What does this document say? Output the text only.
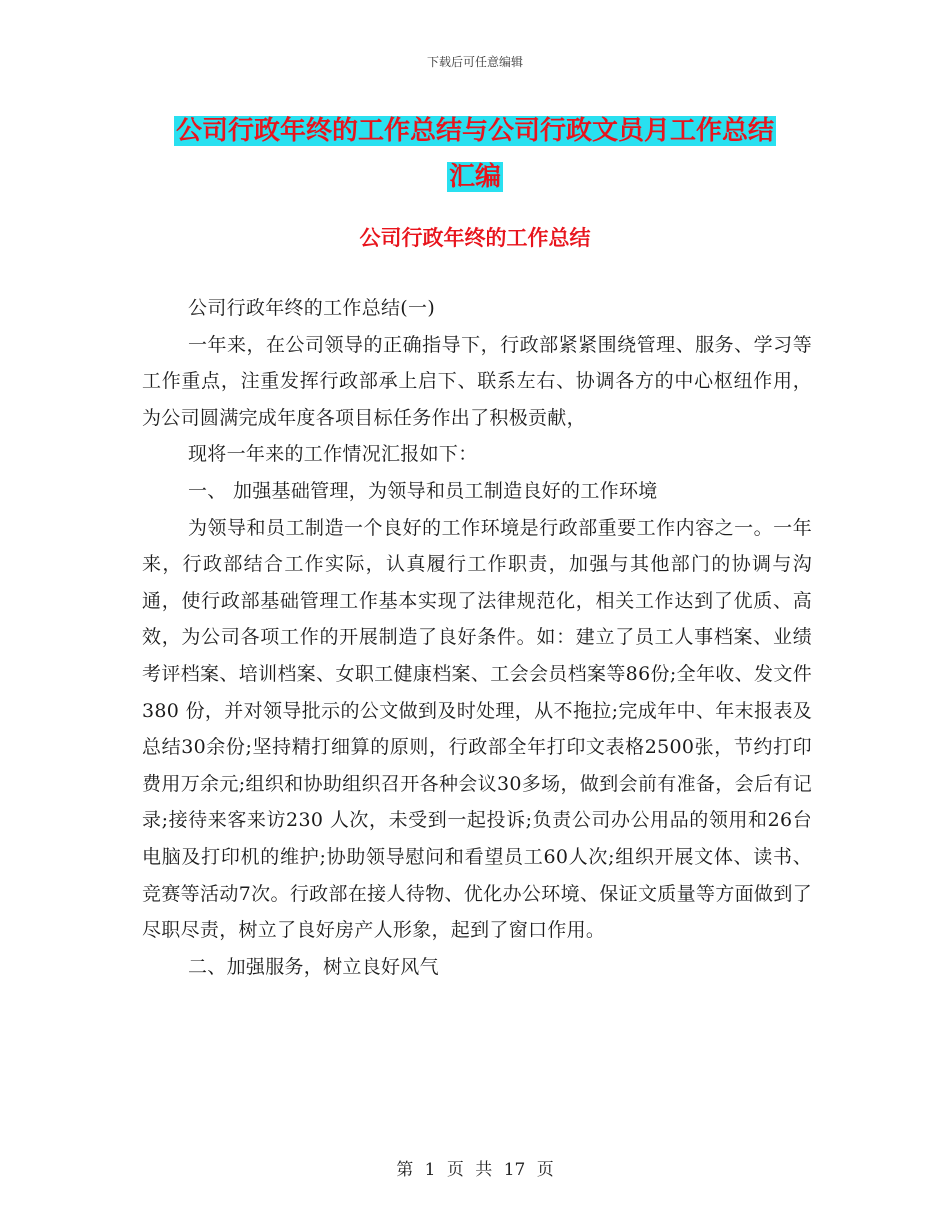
下载后可任意编辑
公司行政年终的工作总结与公司行政文员月工作总结
汇编
公司行政年终的工作总结

公司行政年终的工作总结(一)

一年来，在公司领导的正确指导下，行政部紧紧围绕管理、服务、学习等工作重点，注重发挥行政部承上启下、联系左右、协调各方的中心枢纽作用，为公司圆满完成年度各项目标任务作出了积极贡献，

现将一年来的工作情况汇报如下：

一、 加强基础管理，为领导和员工制造良好的工作环境

为领导和员工制造一个良好的工作环境是行政部重要工作内容之一。一年来，行政部结合工作实际，认真履行工作职责，加强与其他部门的协调与沟通，使行政部基础管理工作基本实现了法律规范化，相关工作达到了优质、高效，为公司各项工作的开展制造了良好条件。如：建立了员工人事档案、业绩考评档案、培训档案、女职工健康档案、工会会员档案等86份;全年收、发文件380 份，并对领导批示的公文做到及时处理，从不拖拉;完成年中、年末报表及总结30余份;坚持精打细算的原则，行政部全年打印文表格2500张，节约打印费用万余元;组织和协助组织召开各种会议30多场，做到会前有准备，会后有记录;接待来客来访230 人次，未受到一起投诉;负责公司办公用品的领用和26台电脑及打印机的维护;协助领导慰问和看望员工60人次;组织开展文体、读书、竞赛等活动7次。行政部在接人待物、优化办公环境、保证文质量等方面做到了尽职尽责，树立了良好房产人形象，起到了窗口作用。

二、加强服务，树立良好风气

第 1 页 共 17 页
